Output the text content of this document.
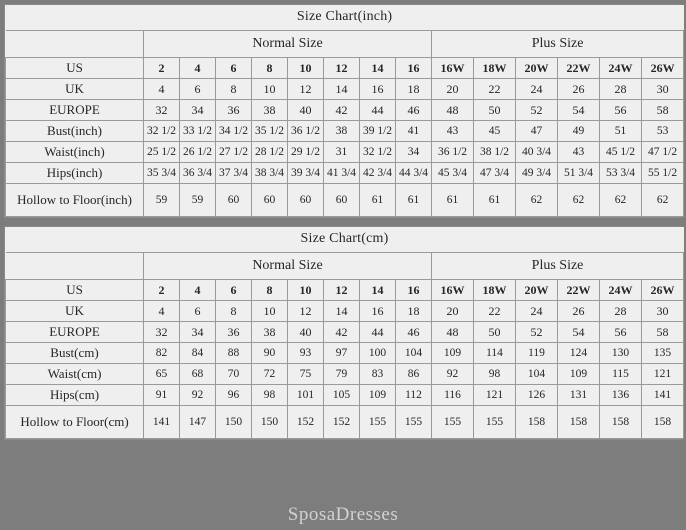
Size Chart(inch)														
	Normal Size								Plus Size					
US	2	4	6	8	10	12	14	16	16W	18W	20W	22W	24W	26W
UK	4	6	8	10	12	14	16	18	20	22	24	26	28	30
EUROPE	32	34	36	38	40	42	44	46	48	50	52	54	56	58
Bust(inch)	32 1/2	33 1/2	34 1/2	35 1/2	36 1/2	38	39 1/2	41	43	45	47	49	51	53
Waist(inch)	25 1/2	26 1/2	27 1/2	28 1/2	29 1/2	31	32 1/2	34	36 1/2	38 1/2	40 3/4	43	45 1/2	47 1/2
Hips(inch)	35 3/4	36 3/4	37 3/4	38 3/4	39 3/4	41 3/4	42 3/4	44 3/4	45 3/4	47 3/4	49 3/4	51 3/4	53 3/4	55 1/2
Hollow to Floor(inch)	59	59	60	60	60	60	61	61	61	61	62	62	62	62
Size Chart(cm)														
	Normal Size								Plus Size					
US	2	4	6	8	10	12	14	16	16W	18W	20W	22W	24W	26W
UK	4	6	8	10	12	14	16	18	20	22	24	26	28	30
EUROPE	32	34	36	38	40	42	44	46	48	50	52	54	56	58
Bust(cm)	82	84	88	90	93	97	100	104	109	114	119	124	130	135
Waist(cm)	65	68	70	72	75	79	83	86	92	98	104	109	115	121
Hips(cm)	91	92	96	98	101	105	109	112	116	121	126	131	136	141
Hollow to Floor(cm)	141	147	150	150	152	152	155	155	155	155	158	158	158	158
SposaDresses
